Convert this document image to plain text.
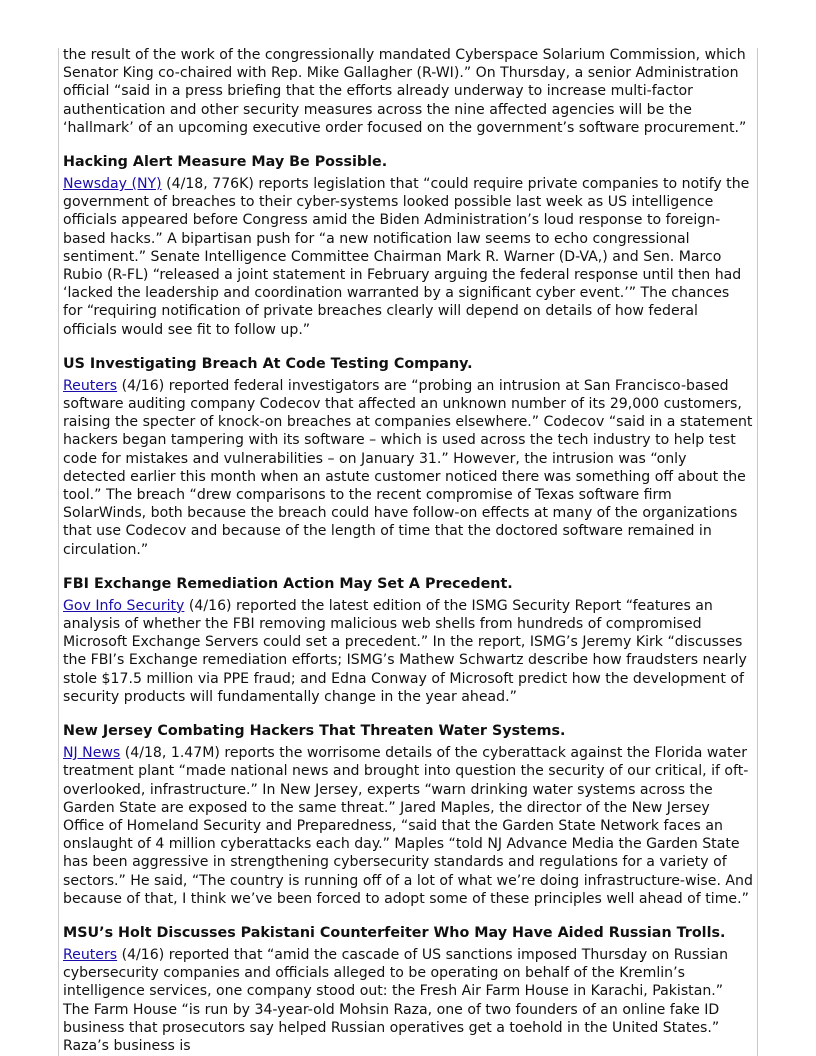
the result of the work of the congressionally mandated Cyberspace Solarium Commission, which Senator King co-chaired with Rep. Mike Gallagher (R-WI).” On Thursday, a senior Administration official “said in a press briefing that the efforts already underway to increase multi-factor authentication and other security measures across the nine affected agencies will be the ‘hallmark’ of an upcoming executive order focused on the government’s software procurement.”

Hacking Alert Measure May Be Possible.

Newsday (NY) (4/18, 776K) reports legislation that “could require private companies to notify the government of breaches to their cyber-systems looked possible last week as US intelligence officials appeared before Congress amid the Biden Administration’s loud response to foreign-based hacks.” A bipartisan push for “a new notification law seems to echo congressional sentiment.” Senate Intelligence Committee Chairman Mark R. Warner (D-VA,) and Sen. Marco Rubio (R-FL) “released a joint statement in February arguing the federal response until then had ‘lacked the leadership and coordination warranted by a significant cyber event.’” The chances for “requiring notification of private breaches clearly will depend on details of how federal officials would see fit to follow up.”

US Investigating Breach At Code Testing Company.

Reuters (4/16) reported federal investigators are “probing an intrusion at San Francisco-based software auditing company Codecov that affected an unknown number of its 29,000 customers, raising the specter of knock-on breaches at companies elsewhere.” Codecov “said in a statement hackers began tampering with its software – which is used across the tech industry to help test code for mistakes and vulnerabilities – on January 31.” However, the intrusion was “only detected earlier this month when an astute customer noticed there was something off about the tool.” The breach “drew comparisons to the recent compromise of Texas software firm SolarWinds, both because the breach could have follow-on effects at many of the organizations that use Codecov and because of the length of time that the doctored software remained in circulation.”

FBI Exchange Remediation Action May Set A Precedent.

Gov Info Security (4/16) reported the latest edition of the ISMG Security Report “features an analysis of whether the FBI removing malicious web shells from hundreds of compromised Microsoft Exchange Servers could set a precedent.” In the report, ISMG’s Jeremy Kirk “discusses the FBI’s Exchange remediation efforts; ISMG’s Mathew Schwartz describe how fraudsters nearly stole $17.5 million via PPE fraud; and Edna Conway of Microsoft predict how the development of security products will fundamentally change in the year ahead.”

New Jersey Combating Hackers That Threaten Water Systems.

NJ News (4/18, 1.47M) reports the worrisome details of the cyberattack against the Florida water treatment plant “made national news and brought into question the security of our critical, if oft-overlooked, infrastructure.” In New Jersey, experts “warn drinking water systems across the Garden State are exposed to the same threat.” Jared Maples, the director of the New Jersey Office of Homeland Security and Preparedness, “said that the Garden State Network faces an onslaught of 4 million cyberattacks each day.” Maples “told NJ Advance Media the Garden State has been aggressive in strengthening cybersecurity standards and regulations for a variety of sectors.” He said, “The country is running off of a lot of what we’re doing infrastructure-wise. And because of that, I think we’ve been forced to adopt some of these principles well ahead of time.”

MSU’s Holt Discusses Pakistani Counterfeiter Who May Have Aided Russian Trolls.

Reuters (4/16) reported that “amid the cascade of US sanctions imposed Thursday on Russian cybersecurity companies and officials alleged to be operating on behalf of the Kremlin’s intelligence services, one company stood out: the Fresh Air Farm House in Karachi, Pakistan.” The Farm House “is run by 34-year-old Mohsin Raza, one of two founders of an online fake ID business that prosecutors say helped Russian operatives get a toehold in the United States.” Raza’s business is
